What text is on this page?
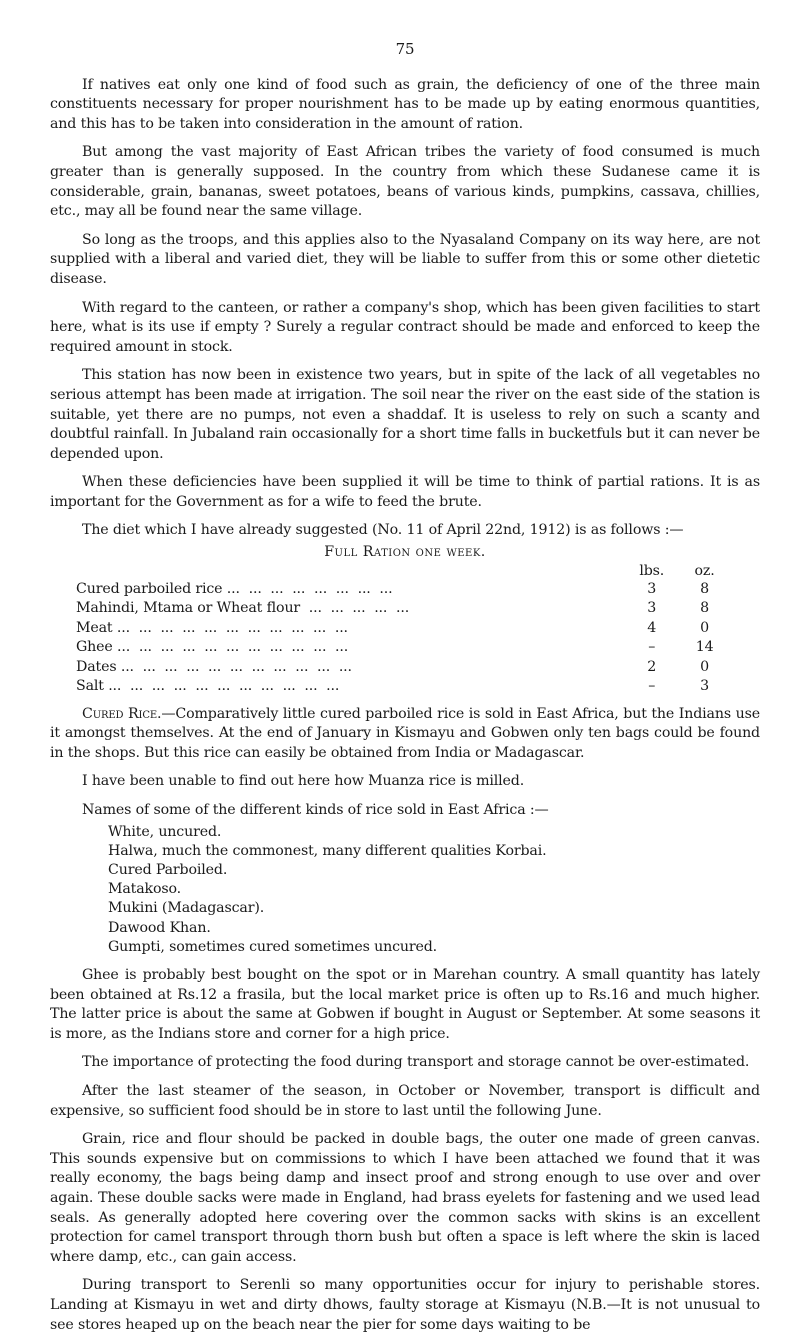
75

If natives eat only one kind of food such as grain, the deficiency of one of the three main constituents necessary for proper nourishment has to be made up by eating enormous quantities, and this has to be taken into consideration in the amount of ration.

But among the vast majority of East African tribes the variety of food consumed is much greater than is generally supposed. In the country from which these Sudanese came it is considerable, grain, bananas, sweet potatoes, beans of various kinds, pumpkins, cassava, chillies, etc., may all be found near the same village.

So long as the troops, and this applies also to the Nyasaland Company on its way here, are not supplied with a liberal and varied diet, they will be liable to suffer from this or some other dietetic disease.

With regard to the canteen, or rather a company's shop, which has been given facilities to start here, what is its use if empty ? Surely a regular contract should be made and enforced to keep the required amount in stock.

This station has now been in existence two years, but in spite of the lack of all vegetables no serious attempt has been made at irrigation. The soil near the river on the east side of the station is suitable, yet there are no pumps, not even a shaddaf. It is useless to rely on such a scanty and doubtful rainfall. In Jubaland rain occasionally for a short time falls in bucketfuls but it can never be depended upon.

When these deficiencies have been supplied it will be time to think of partial rations. It is as important for the Government as for a wife to feed the brute.

The diet which I have already suggested (No. 11 of April 22nd, 1912) is as follows :—

Full Ration one week.
	lbs.	oz.
Cured parboiled rice ...  ...  ...  ...  ...  ...  ...  ...	3	8
Mahindi, Mtama or Wheat flour  ...  ...  ...  ...  ...	3	8
Meat ...  ...  ...  ...  ...  ...  ...  ...  ...  ...  ...	4	0
Ghee ...  ...  ...  ...  ...  ...  ...  ...  ...  ...  ...	–	14
Dates ...  ...  ...  ...  ...  ...  ...  ...  ...  ...  ...	2	0
Salt ...  ...  ...  ...  ...  ...  ...  ...  ...  ...  ...	–	3

Cured Rice.—Comparatively little cured parboiled rice is sold in East Africa, but the Indians use it amongst themselves. At the end of January in Kismayu and Gobwen only ten bags could be found in the shops. But this rice can easily be obtained from India or Madagascar.

I have been unable to find out here how Muanza rice is milled.

Names of some of the different kinds of rice sold in East Africa :—

White, uncured.
Halwa, much the commonest, many different qualities Korbai.
Cured Parboiled.
Matakoso.
Mukini (Madagascar).
Dawood Khan.
Gumpti, sometimes cured sometimes uncured.

Ghee is probably best bought on the spot or in Marehan country. A small quantity has lately been obtained at Rs.12 a frasila, but the local market price is often up to Rs.16 and much higher. The latter price is about the same at Gobwen if bought in August or September. At some seasons it is more, as the Indians store and corner for a high price.

The importance of protecting the food during transport and storage cannot be over-estimated.

After the last steamer of the season, in October or November, transport is difficult and expensive, so sufficient food should be in store to last until the following June.

Grain, rice and flour should be packed in double bags, the outer one made of green canvas. This sounds expensive but on commissions to which I have been attached we found that it was really economy, the bags being damp and insect proof and strong enough to use over and over again. These double sacks were made in England, had brass eyelets for fastening and we used lead seals. As generally adopted here covering over the common sacks with skins is an excellent protection for camel transport through thorn bush but often a space is left where the skin is laced where damp, etc., can gain access.

During transport to Serenli so many opportunities occur for injury to perishable stores. Landing at Kismayu in wet and dirty dhows, faulty storage at Kismayu (N.B.—It is not unusual to see stores heaped up on the beach near the pier for some days waiting to be
